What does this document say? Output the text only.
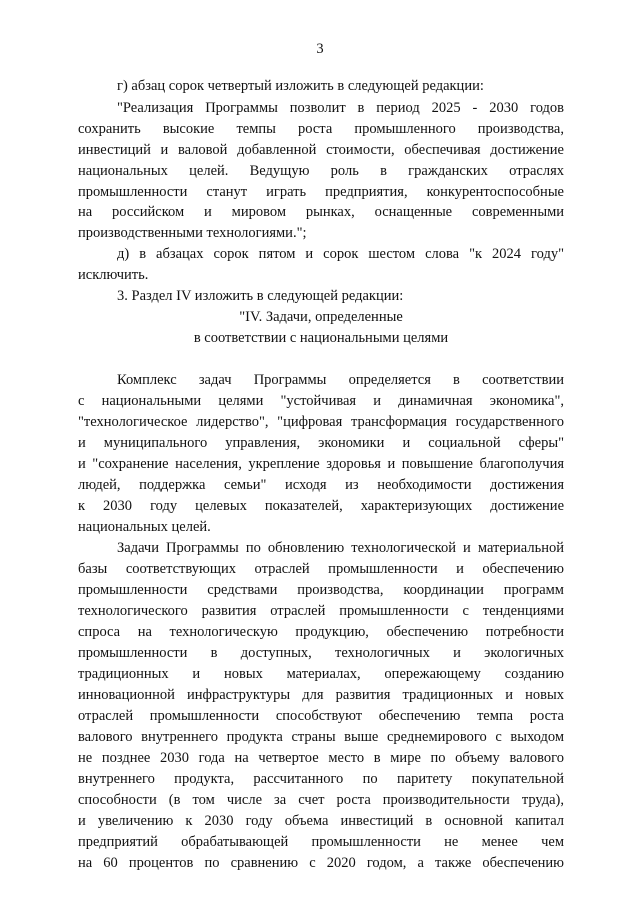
3
г) абзац сорок четвертый изложить в следующей редакции:
"Реализация Программы позволит в период 2025 - 2030 годов
сохранить высокие темпы роста промышленного производства,
инвестиций и валовой добавленной стоимости, обеспечивая достижение
национальных целей. Ведущую роль в гражданских отраслях
промышленности станут играть предприятия, конкурентоспособные
на российском и мировом рынках, оснащенные современными
производственными технологиями.";
д) в абзацах сорок пятом и сорок шестом слова "к 2024 году"
исключить.
3. Раздел IV изложить в следующей редакции:
"IV. Задачи, определенные
в соответствии с национальными целями
Комплекс задач Программы определяется в соответствии
с национальными целями "устойчивая и динамичная экономика",
"технологическое лидерство", "цифровая трансформация государственного
и муниципального управления, экономики и социальной сферы"
и "сохранение населения, укрепление здоровья и повышение благополучия
людей, поддержка семьи" исходя из необходимости достижения
к 2030 году целевых показателей, характеризующих достижение
национальных целей.
Задачи Программы по обновлению технологической и материальной
базы соответствующих отраслей промышленности и обеспечению
промышленности средствами производства, координации программ
технологического развития отраслей промышленности с тенденциями
спроса на технологическую продукцию, обеспечению потребности
промышленности в доступных, технологичных и экологичных
традиционных и новых материалах, опережающему созданию
инновационной инфраструктуры для развития традиционных и новых
отраслей промышленности способствуют обеспечению темпа роста
валового внутреннего продукта страны выше среднемирового с выходом
не позднее 2030 года на четвертое место в мире по объему валового
внутреннего продукта, рассчитанного по паритету покупательной
способности (в том числе за счет роста производительности труда),
и увеличению к 2030 году объема инвестиций в основной капитал
предприятий обрабатывающей промышленности не менее чем
на 60 процентов по сравнению с 2020 годом, а также обеспечению
